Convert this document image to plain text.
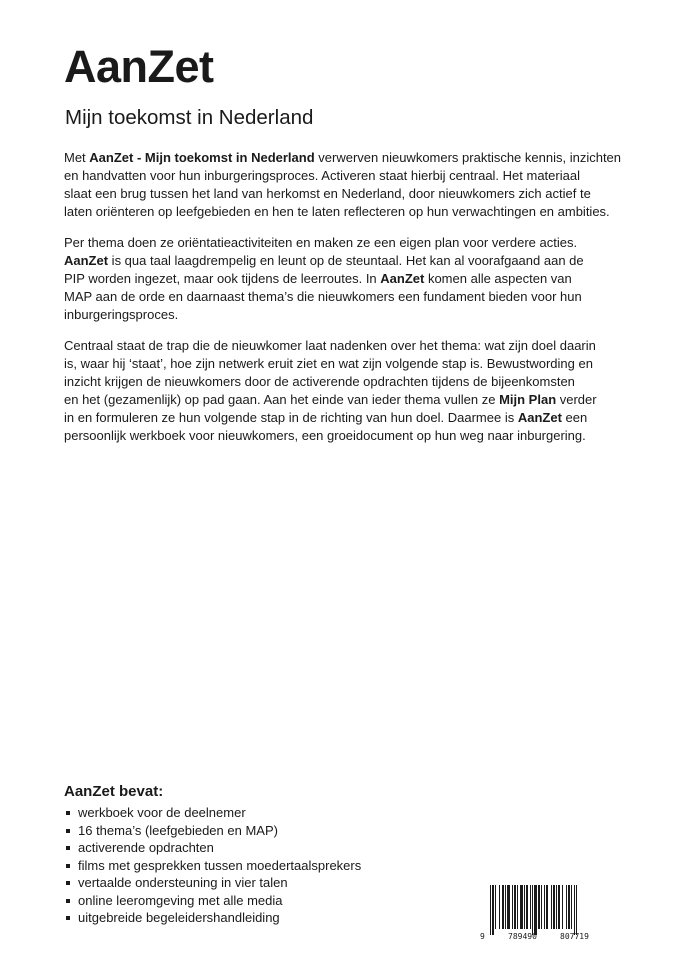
AanZet
Mijn toekomst in Nederland

Met AanZet - Mijn toekomst in Nederland verwerven nieuwkomers praktische kennis, inzichten
en handvatten voor hun inburgeringsproces. Activeren staat hierbij centraal. Het materiaal
slaat een brug tussen het land van herkomst en Nederland, door nieuwkomers zich actief te
laten oriënteren op leefgebieden en hen te laten reflecteren op hun verwachtingen en ambities.

Per thema doen ze oriëntatieactiviteiten en maken ze een eigen plan voor verdere acties.
AanZet is qua taal laagdrempelig en leunt op de steuntaal. Het kan al voorafgaand aan de
PIP worden ingezet, maar ook tijdens de leerroutes. In AanZet komen alle aspecten van
MAP aan de orde en daarnaast thema’s die nieuwkomers een fundament bieden voor hun
inburgeringsproces.

Centraal staat de trap die de nieuwkomer laat nadenken over het thema: wat zijn doel daarin
is, waar hij ‘staat’, hoe zijn netwerk eruit ziet en wat zijn volgende stap is. Bewustwording en
inzicht krijgen de nieuwkomers door de activerende opdrachten tijdens de bijeenkomsten
en het (gezamenlijk) op pad gaan. Aan het einde van ieder thema vullen ze Mijn Plan verder
in en formuleren ze hun volgende stap in de richting van hun doel. Daarmee is AanZet een
persoonlijk werkboek voor nieuwkomers, een groeidocument op hun weg naar inburgering.

AanZet bevat:
werkboek voor de deelnemer
16 thema’s (leefgebieden en MAP)
activerende opdrachten
films met gesprekken tussen moedertaalsprekers
vertaalde ondersteuning in vier talen
online leeromgeving met alle media
uitgebreide begeleidershandleiding
9	789490	807719
